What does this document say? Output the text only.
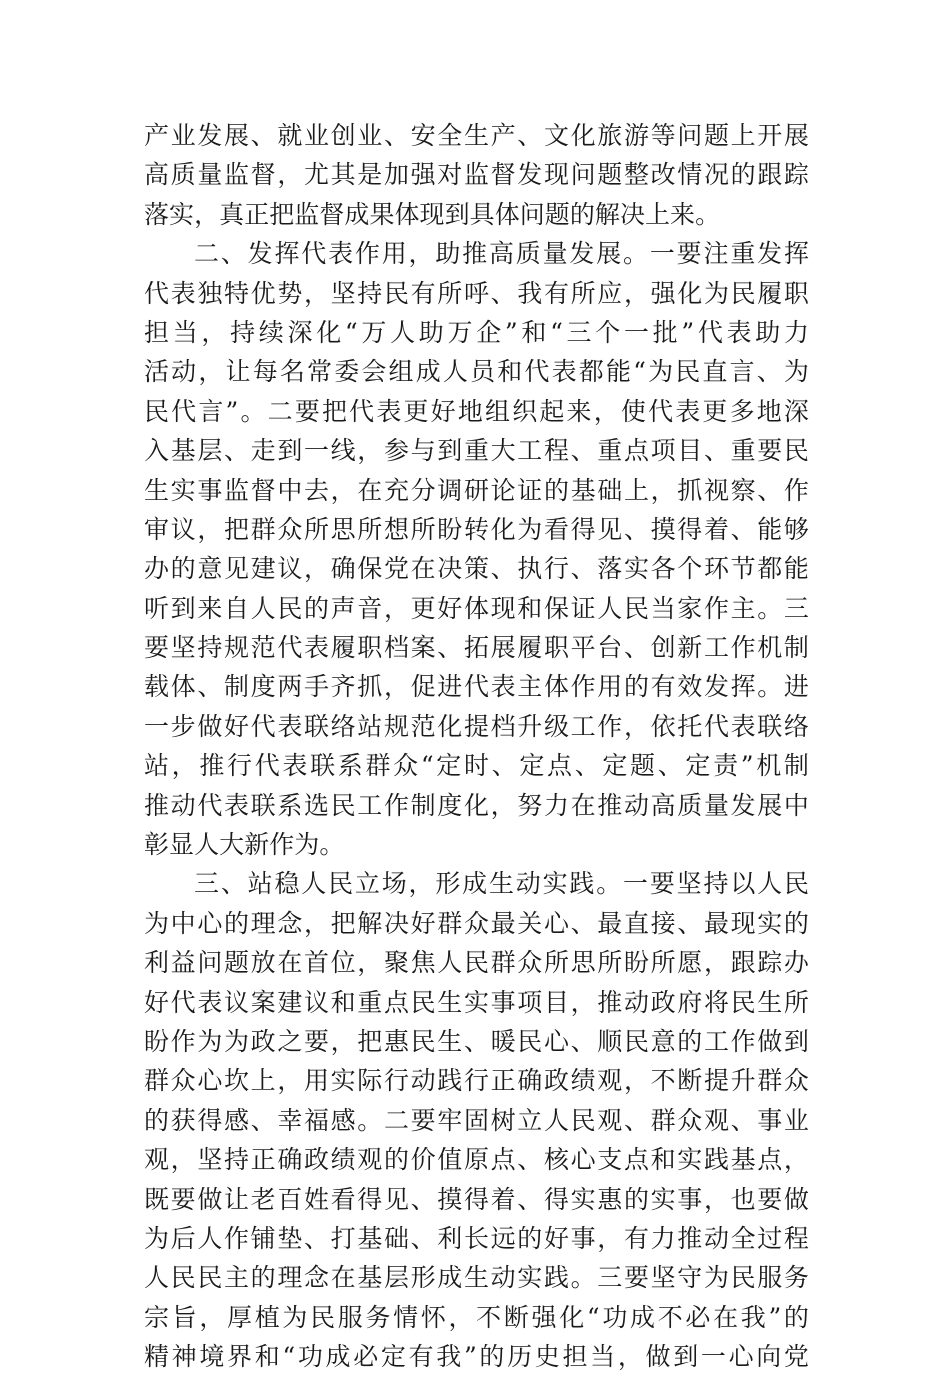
产业发展、就业创业、安全生产、文化旅游等问题上开展
高质量监督，尤其是加强对监督发现问题整改情况的跟踪
落实，真正把监督成果体现到具体问题的解决上来。
二、发挥代表作用，助推高质量发展。一要注重发挥
代表独特优势，坚持民有所呼、我有所应，强化为民履职
担当，持续深化“万人助万企”和“三个一批”代表助力
活动，让每名常委会组成人员和代表都能“为民直言、为
民代言”。二要把代表更好地组织起来，使代表更多地深
入基层、走到一线，参与到重大工程、重点项目、重要民
生实事监督中去，在充分调研论证的基础上，抓视察、作
审议，把群众所思所想所盼转化为看得见、摸得着、能够
办的意见建议，确保党在决策、执行、落实各个环节都能
听到来自人民的声音，更好体现和保证人民当家作主。三
要坚持规范代表履职档案、拓展履职平台、创新工作机制
载体、制度两手齐抓，促进代表主体作用的有效发挥。进
一步做好代表联络站规范化提档升级工作，依托代表联络
站，推行代表联系群众“定时、定点、定题、定责”机制
推动代表联系选民工作制度化，努力在推动高质量发展中
彰显人大新作为。
三、站稳人民立场，形成生动实践。一要坚持以人民
为中心的理念，把解决好群众最关心、最直接、最现实的
利益问题放在首位，聚焦人民群众所思所盼所愿，跟踪办
好代表议案建议和重点民生实事项目，推动政府将民生所
盼作为为政之要，把惠民生、暖民心、顺民意的工作做到
群众心坎上，用实际行动践行正确政绩观，不断提升群众
的获得感、幸福感。二要牢固树立人民观、群众观、事业
观，坚持正确政绩观的价值原点、核心支点和实践基点，
既要做让老百姓看得见、摸得着、得实惠的实事，也要做
为后人作铺垫、打基础、利长远的好事，有力推动全过程
人民民主的理念在基层形成生动实践。三要坚守为民服务
宗旨，厚植为民服务情怀，不断强化“功成不必在我”的
精神境界和“功成必定有我”的历史担当，做到一心向党
